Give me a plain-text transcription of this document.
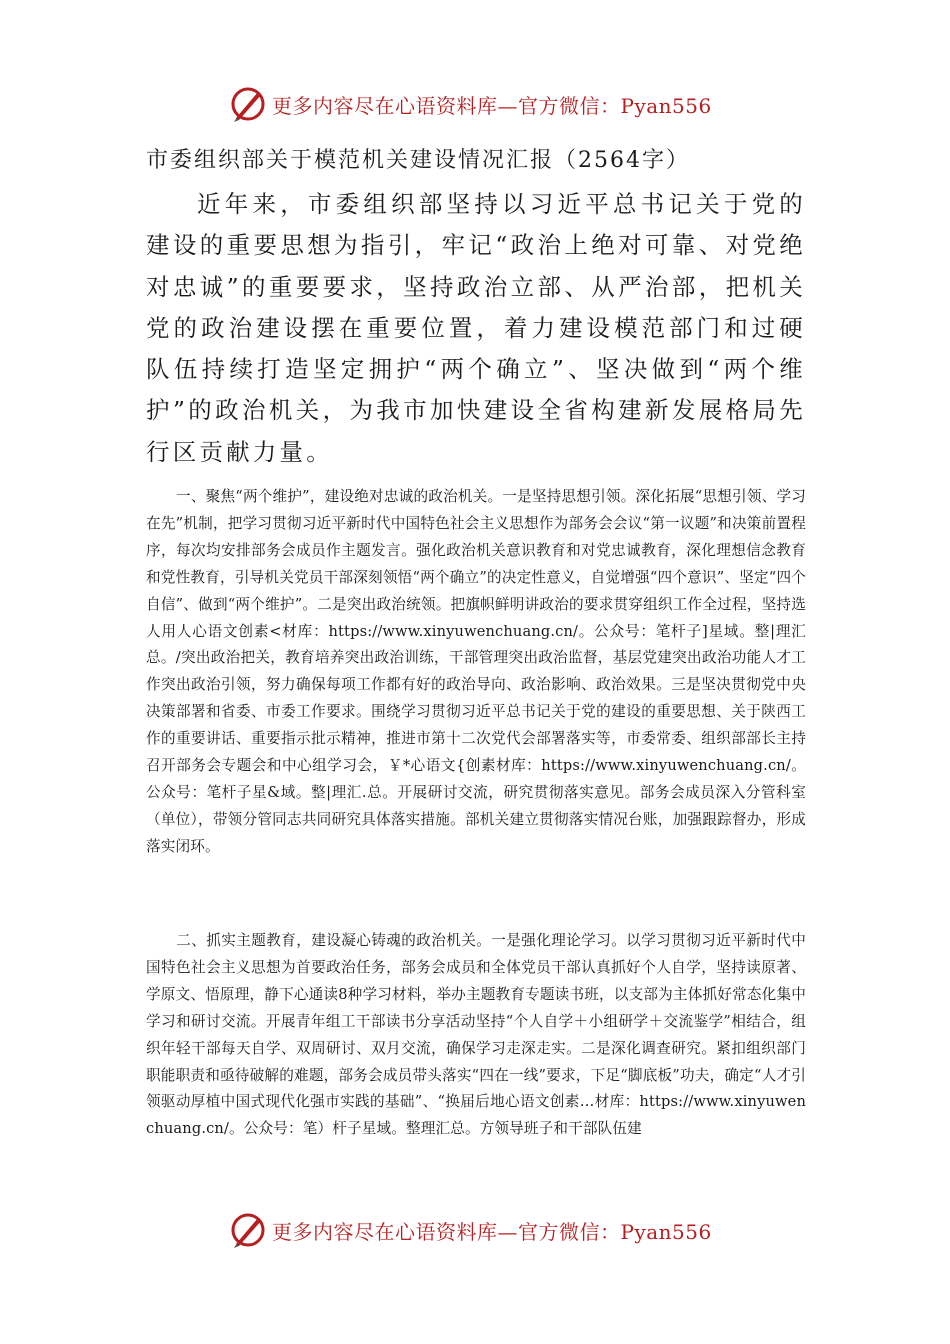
更多内容尽在心语资料库—官方微信：Pyan556
市委组织部关于模范机关建设情况汇报（2564字）

近年来，市委组织部坚持以习近平总书记关于党的建设的重要思想为指引，牢记“政治上绝对可靠、对党绝对忠诚”的重要要求，坚持政治立部、从严治部，把机关党的政治建设摆在重要位置，着力建设模范部门和过硬队伍持续打造坚定拥护“两个确立”、坚决做到“两个维护”的政治机关，为我市加快建设全省构建新发展格局先行区贡献力量。

一、聚焦“两个维护”，建设绝对忠诚的政治机关。一是坚持思想引领。深化拓展“思想引领、学习在先”机制，把学习贯彻习近平新时代中国特色社会主义思想作为部务会会议“第一议题”和决策前置程序，每次均安排部务会成员作主题发言。强化政治机关意识教育和对党忠诚教育，深化理想信念教育和党性教育，引导机关党员干部深刻领悟“两个确立”的决定性意义，自觉增强“四个意识”、坚定“四个自信”、做到“两个维护”。二是突出政治统领。把旗帜鲜明讲政治的要求贯穿组织工作全过程，坚持选人用人心语文创素<材库：https://www.xinyuwenchuang.cn/。公众号：笔杆子]星域。整|理汇总。/突出政治把关，教育培养突出政治训练，干部管理突出政治监督，基层党建突出政治功能人才工作突出政治引领，努力确保每项工作都有好的政治导向、政治影响、政治效果。三是坚决贯彻党中央决策部署和省委、市委工作要求。围绕学习贯彻习近平总书记关于党的建设的重要思想、关于陕西工作的重要讲话、重要指示批示精神，推进市第十二次党代会部署落实等，市委常委、组织部部长主持召开部务会专题会和中心组学习会，￥*心语文{创素材库：https://www.xinyuwenchuang.cn/。公众号：笔杆子星&域。整|理汇.总。开展研讨交流，研究贯彻落实意见。部务会成员深入分管科室（单位），带领分管同志共同研究具体落实措施。部机关建立贯彻落实情况台账，加强跟踪督办，形成落实闭环。

二、抓实主题教育，建设凝心铸魂的政治机关。一是强化理论学习。以学习贯彻习近平新时代中国特色社会主义思想为首要政治任务，部务会成员和全体党员干部认真抓好个人自学，坚持读原著、学原文、悟原理，静下心通读8种学习材料，举办主题教育专题读书班，以支部为主体抓好常态化集中学习和研讨交流。开展青年组工干部读书分享活动坚持“个人自学＋小组研学＋交流鉴学”相结合，组织年轻干部每天自学、双周研讨、双月交流，确保学习走深走实。二是深化调查研究。紧扣组织部门职能职责和亟待破解的难题，部务会成员带头落实“四在一线”要求，下足“脚底板”功夫，确定“人才引领驱动厚植中国式现代化强市实践的基础”、“换届后地心语文创素…材库：https://www.xinyuwenchuang.cn/。公众号：笔）杆子星域。整理汇总。方领导班子和干部队伍建

更多内容尽在心语资料库—官方微信：Pyan556
